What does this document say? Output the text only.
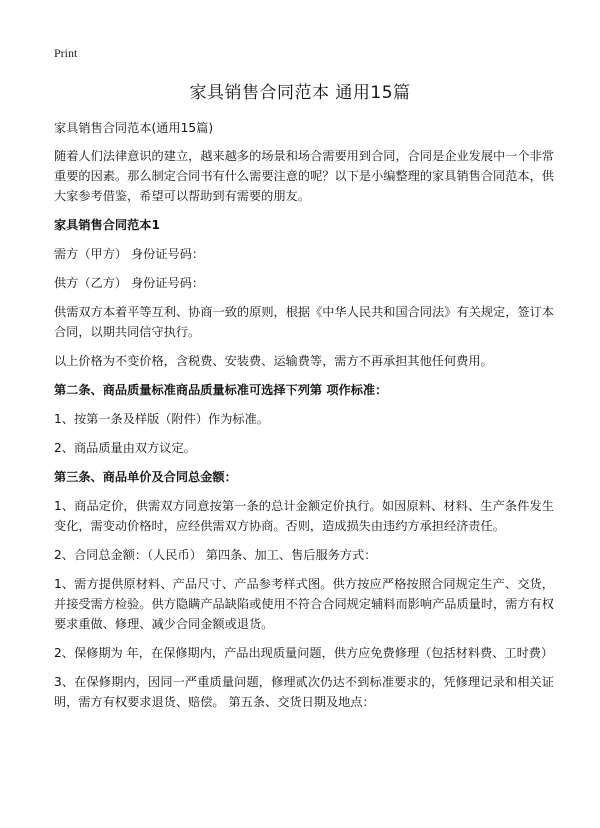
Print
家具销售合同范本 通用15篇
家具销售合同范本(通用15篇)
随着人们法律意识的建立，越来越多的场景和场合需要用到合同，合同是企业发展中一个非常重要的因素。那么制定合同书有什么需要注意的呢？以下是小编整理的家具销售合同范本，供大家参考借鉴，希望可以帮助到有需要的朋友。
家具销售合同范本1
需方（甲方） 身份证号码：
供方（乙方） 身份证号码：
供需双方本着平等互利、协商一致的原则，根据《中华人民共和国合同法》有关规定，签订本合同，以期共同信守执行。
以上价格为不变价格，含税费、安装费、运输费等，需方不再承担其他任何费用。
第二条、商品质量标准商品质量标准可选择下列第 项作标准：
1、按第一条及样版（附件）作为标准。
2、商品质量由双方议定。
第三条、商品单价及合同总金额：
1、商品定价，供需双方同意按第一条的总计金额定价执行。如因原料、材料、生产条件发生变化，需变动价格时，应经供需双方协商。否则，造成损失由违约方承担经济责任。
2、合同总金额：（人民币） 第四条、加工、售后服务方式：
1、需方提供原材料、产品尺寸、产品参考样式图。供方按应严格按照合同规定生产、交货，并接受需方检验。供方隐瞒产品缺陷或使用不符合合同规定辅料而影响产品质量时，需方有权要求重做、修理、减少合同金额或退货。
2、保修期为 年，在保修期内，产品出现质量问题，供方应免费修理（包括材料费、工时费）
3、在保修期内，因同一严重质量问题，修理贰次仍达不到标准要求的，凭修理记录和相关证明，需方有权要求退货、赔偿。 第五条、交货日期及地点：
